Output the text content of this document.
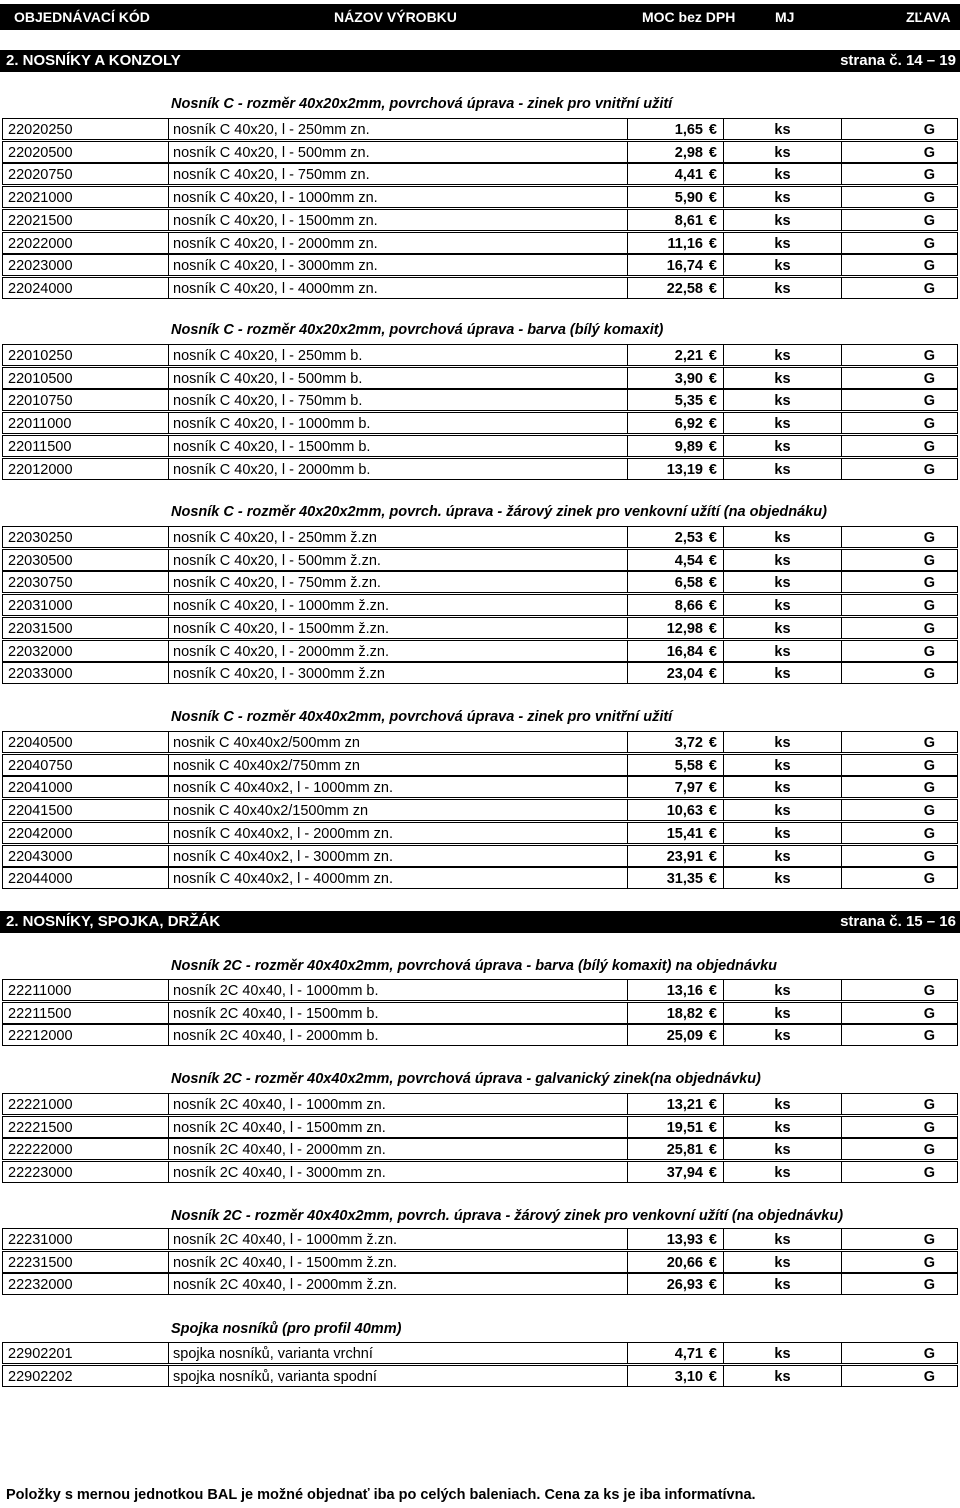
OBJEDNÁVACÍ KÓD	NÁZOV VÝROBKU	MOC bez DPH	MJ	ZĽAVA
2. NOSNÍKY A KONZOLY	strana č. 14 – 19
Nosník C - rozměr 40x20x2mm, povrchová úprava - zinek pro vnitřní užití
22020250	nosník C 40x20, l - 250mm zn.	1,65 €	ks	G
22020500	nosník C 40x20, l - 500mm zn.	2,98 €	ks	G
22020750	nosník C 40x20, l - 750mm zn.	4,41 €	ks	G
22021000	nosník C 40x20, l - 1000mm zn.	5,90 €	ks	G
22021500	nosník C 40x20, l - 1500mm zn.	8,61 €	ks	G
22022000	nosník C 40x20, l - 2000mm zn.	11,16 €	ks	G
22023000	nosník C 40x20, l - 3000mm zn.	16,74 €	ks	G
22024000	nosník C 40x20, l - 4000mm zn.	22,58 €	ks	G
Nosník C - rozměr 40x20x2mm, povrchová úprava - barva (bílý komaxit)
22010250	nosník C 40x20, l - 250mm b.	2,21 €	ks	G
22010500	nosník C 40x20, l - 500mm b.	3,90 €	ks	G
22010750	nosník C 40x20, l - 750mm b.	5,35 €	ks	G
22011000	nosník C 40x20, l - 1000mm b.	6,92 €	ks	G
22011500	nosník C 40x20, l - 1500mm b.	9,89 €	ks	G
22012000	nosník C 40x20, l - 2000mm b.	13,19 €	ks	G
Nosník C - rozměr 40x20x2mm, povrch. úprava - žárový zinek pro venkovní užítí (na objednáku)
22030250	nosník C 40x20, l - 250mm ž.zn	2,53 €	ks	G
22030500	nosník C 40x20, l - 500mm ž.zn.	4,54 €	ks	G
22030750	nosník C 40x20, l - 750mm ž.zn.	6,58 €	ks	G
22031000	nosník C 40x20, l - 1000mm ž.zn.	8,66 €	ks	G
22031500	nosník C 40x20, l - 1500mm ž.zn.	12,98 €	ks	G
22032000	nosník C 40x20, l - 2000mm ž.zn.	16,84 €	ks	G
22033000	nosník C 40x20, l - 3000mm ž.zn	23,04 €	ks	G
Nosník C - rozměr 40x40x2mm, povrchová úprava - zinek pro vnitřní užití
22040500	nosnik C 40x40x2/500mm zn	3,72 €	ks	G
22040750	nosnik C 40x40x2/750mm zn	5,58 €	ks	G
22041000	nosník C 40x40x2, l - 1000mm zn.	7,97 €	ks	G
22041500	nosnik C 40x40x2/1500mm zn	10,63 €	ks	G
22042000	nosník C 40x40x2, l - 2000mm zn.	15,41 €	ks	G
22043000	nosník C 40x40x2, l - 3000mm zn.	23,91 €	ks	G
22044000	nosník C 40x40x2, l - 4000mm zn.	31,35 €	ks	G
2. NOSNÍKY, SPOJKA, DRŽÁK	strana č. 15 – 16
Nosník 2C - rozměr 40x40x2mm, povrchová úprava - barva (bílý komaxit) na objednávku
22211000	nosník 2C 40x40, l - 1000mm b.	13,16 €	ks	G
22211500	nosník 2C 40x40, l - 1500mm b.	18,82 €	ks	G
22212000	nosník 2C 40x40, l - 2000mm b.	25,09 €	ks	G
Nosník 2C - rozměr 40x40x2mm, povrchová úprava - galvanický zinek(na objednávku)
22221000	nosník 2C 40x40, l - 1000mm zn.	13,21 €	ks	G
22221500	nosník 2C 40x40, l - 1500mm zn.	19,51 €	ks	G
22222000	nosník 2C 40x40, l - 2000mm zn.	25,81 €	ks	G
22223000	nosník 2C 40x40, l - 3000mm zn.	37,94 €	ks	G
Nosník 2C - rozměr 40x40x2mm, povrch. úprava - žárový zinek pro venkovní užítí (na objednávku)
22231000	nosník 2C 40x40, l - 1000mm ž.zn.	13,93 €	ks	G
22231500	nosník 2C 40x40, l - 1500mm ž.zn.	20,66 €	ks	G
22232000	nosník 2C 40x40, l - 2000mm ž.zn.	26,93 €	ks	G
Spojka nosníků (pro profil 40mm)
22902201	spojka nosníků, varianta vrchní	4,71 €	ks	G
22902202	spojka nosníků, varianta spodní	3,10 €	ks	G
Položky s mernou jednotkou BAL je možné objednať iba po celých baleniach. Cena za ks je iba informatívna.
